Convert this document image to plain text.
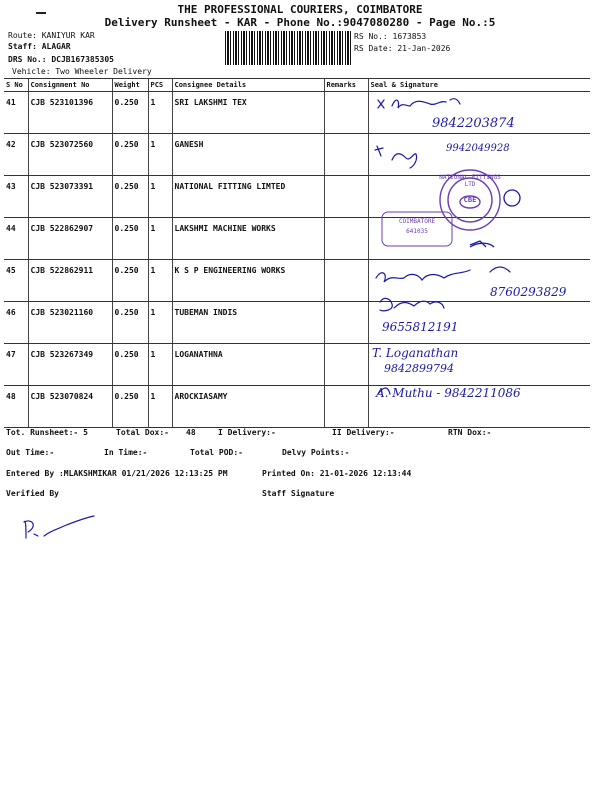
THE PROFESSIONAL COURIERS, COIMBATORE
Delivery Runsheet - KAR - Phone No.:9047080280 - Page No.:5
Route: KANIYUR KAR
Staff: ALAGAR
DRS No.: DCJB167385305
Vehicle: Two Wheeler Delivery
RS No.: 1673853
RS Date: 21-Jan-2026
S No	Consignment No	Weight	PCS	Consignee Details	Remarks	Seal & Signature
41	CJB 523101396	0.250	1	SRI LAKSHMI TEX		
42	CJB 523072560	0.250	1	GANESH		
43	CJB 523073391	0.250	1	NATIONAL FITTING LIMTED		
44	CJB 522862907	0.250	1	LAKSHMI MACHINE WORKS		
45	CJB 522862911	0.250	1	K S P ENGINEERING WORKS		
46	CJB 523021160	0.250	1	TUBEMAN INDIS		
47	CJB 523267349	0.250	1	LOGANATHNA		
48	CJB 523070824	0.250	1	AROCKIASAMY		
9842203874
9942049928
8760293829
9655812191
T. Loganathan
9842899794
A. Muthu - 9842211086
NATIONAL FITTINGS LTD
CBE
COIMBATORE
641035
Tot. Runsheet:- 5	Total Dox:- 48	I Delivery:-	II Delivery:-	RTN Dox:-
Out Time:-	In Time:-	Total POD:-	Delvy Points:-
Entered By :MLAKSHMIKAR 01/21/2026 12:13:25 PM	Printed On: 21-01-2026 12:13:44
Verified By	Staff Signature
